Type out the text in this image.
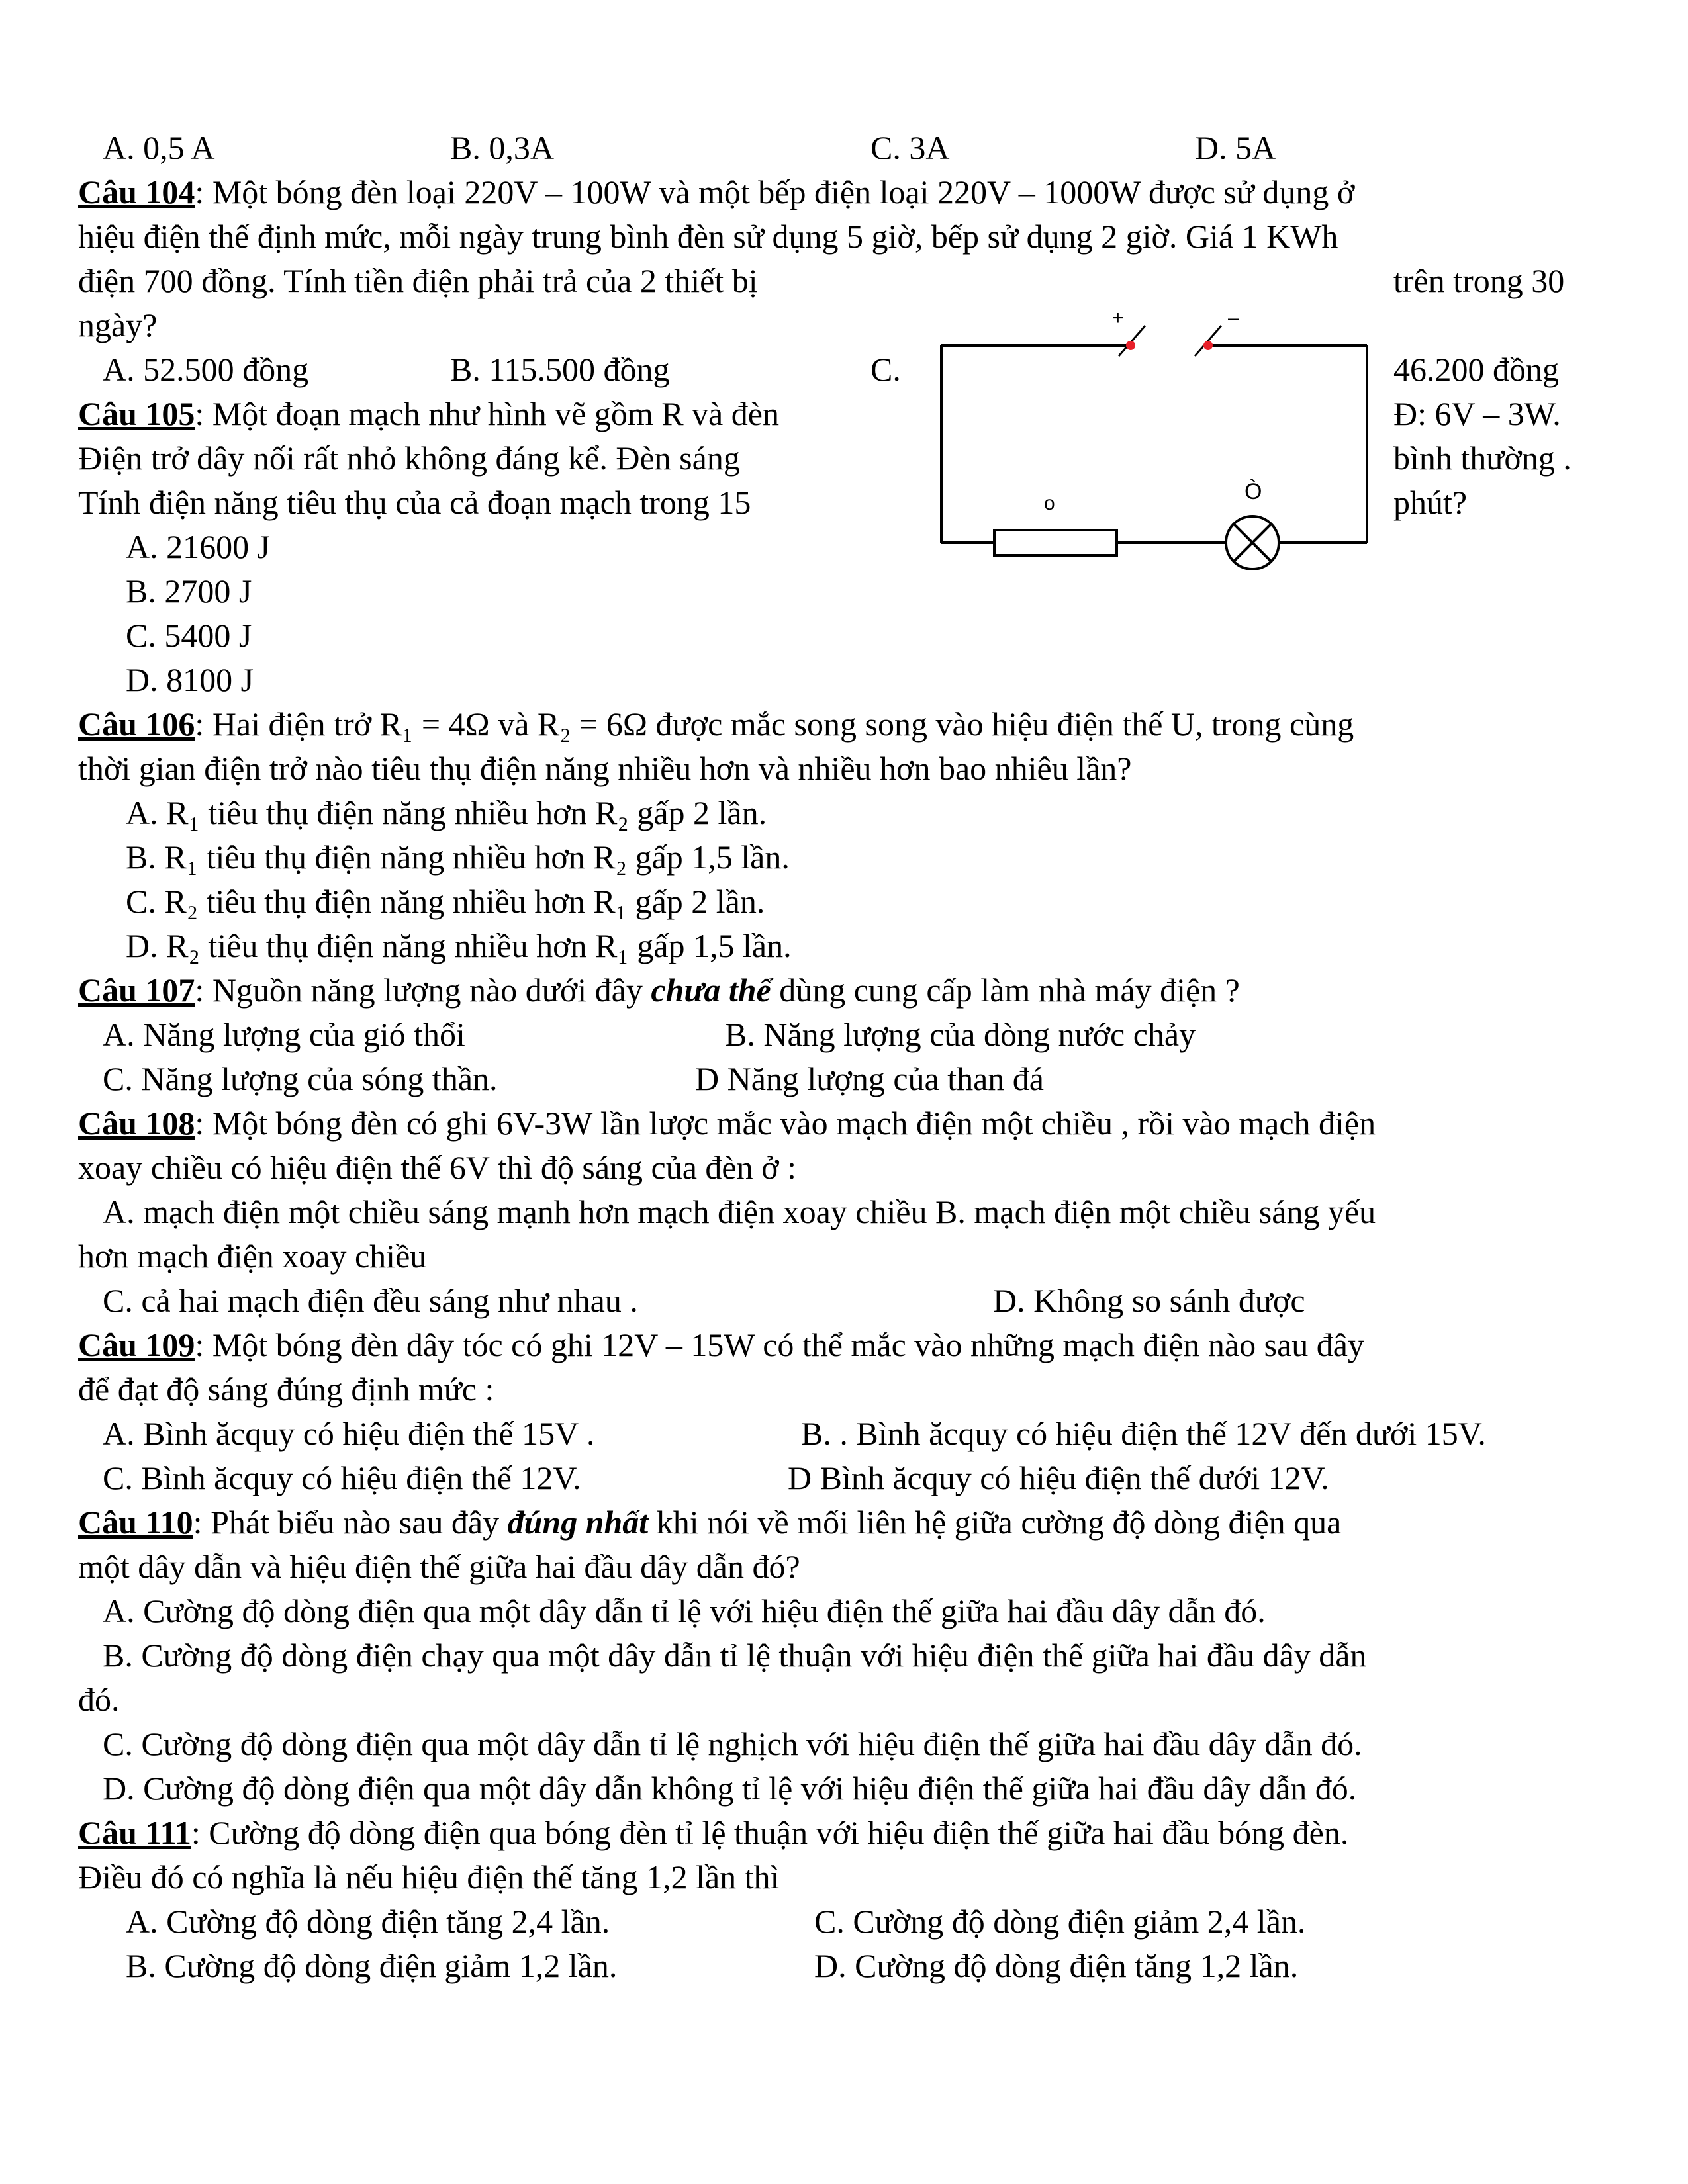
A. 0,5 A	B. 0,3A	C. 3A	D. 5A
Câu 104: Một bóng đèn loại 220V – 100W và một bếp điện loại 220V – 1000W được sử dụng ở
hiệu điện thế định mức, mỗi ngày trung bình đèn sử dụng 5 giờ, bếp sử dụng 2 giờ. Giá 1 KWh
điện 700 đồng. Tính tiền điện phải trả của 2 thiết bị	trên trong 30
ngày?
A. 52.500 đồng	B. 115.500 đồng	C.	46.200 đồng
Câu 105: Một đoạn mạch như hình vẽ gồm R và đèn	Đ: 6V – 3W.
Điện trở dây nối rất nhỏ không đáng kể. Đèn sáng	bình thường .
Tính điện năng tiêu thụ của cả đoạn mạch trong 15	phút?
A. 21600 J
B. 2700 J
C. 5400 J
D. 8100 J
+	–
o	Ò
Câu 106: Hai điện trở R₁ = 4Ω và R₂ = 6Ω được mắc song song vào hiệu điện thế U, trong cùng
thời gian điện trở nào tiêu thụ điện năng nhiều hơn và nhiều hơn bao nhiêu lần?
A. R₁ tiêu thụ điện năng nhiều hơn R₂ gấp 2 lần.
B. R₁ tiêu thụ điện năng nhiều hơn R₂ gấp 1,5 lần.
C. R₂ tiêu thụ điện năng nhiều hơn R₁ gấp 2 lần.
D. R₂ tiêu thụ điện năng nhiều hơn R₁ gấp 1,5 lần.
Câu 107: Nguồn năng lượng nào dưới đây chưa thể dùng cung cấp làm nhà máy điện ?
A. Năng lượng của gió thổi	B. Năng lượng của dòng nước chảy
C. Năng lượng của sóng thần.	D Năng lượng của than đá
Câu 108: Một bóng đèn có ghi 6V-3W lần lược mắc vào mạch điện một chiều , rồi vào mạch điện
xoay chiều có hiệu điện thế 6V thì độ sáng của đèn ở :
A. mạch điện một chiều sáng mạnh hơn mạch điện xoay chiều B. mạch điện một chiều sáng yếu
hơn mạch điện xoay chiều
C. cả hai mạch điện đều sáng như nhau .	D. Không so sánh được
Câu 109: Một bóng đèn dây tóc có ghi 12V – 15W có thể mắc vào những mạch điện nào sau đây
để đạt độ sáng đúng định mức :
A. Bình ăcquy có hiệu điện thế 15V .	B. . Bình ăcquy có hiệu điện thế 12V đến dưới 15V.
C. Bình ăcquy có hiệu điện thế 12V.	D Bình ăcquy có hiệu điện thế dưới 12V.
Câu 110: Phát biểu nào sau đây đúng nhất khi nói về mối liên hệ giữa cường độ dòng điện qua
một dây dẫn và hiệu điện thế giữa hai đầu dây dẫn đó?
A. Cường độ dòng điện qua một dây dẫn tỉ lệ với hiệu điện thế giữa hai đầu dây dẫn đó.
B. Cường độ dòng điện chạy qua một dây dẫn tỉ lệ thuận với hiệu điện thế giữa hai đầu dây dẫn
đó.
C. Cường độ dòng điện qua một dây dẫn tỉ lệ nghịch với hiệu điện thế giữa hai đầu dây dẫn đó.
D. Cường độ dòng điện qua một dây dẫn không tỉ lệ với hiệu điện thế giữa hai đầu dây dẫn đó.
Câu 111: Cường độ dòng điện qua bóng đèn tỉ lệ thuận với hiệu điện thế giữa hai đầu bóng đèn.
Điều đó có nghĩa là nếu hiệu điện thế tăng 1,2 lần thì
A. Cường độ dòng điện tăng 2,4 lần.	C. Cường độ dòng điện giảm 2,4 lần.
B. Cường độ dòng điện giảm 1,2 lần.	D. Cường độ dòng điện tăng 1,2 lần.
